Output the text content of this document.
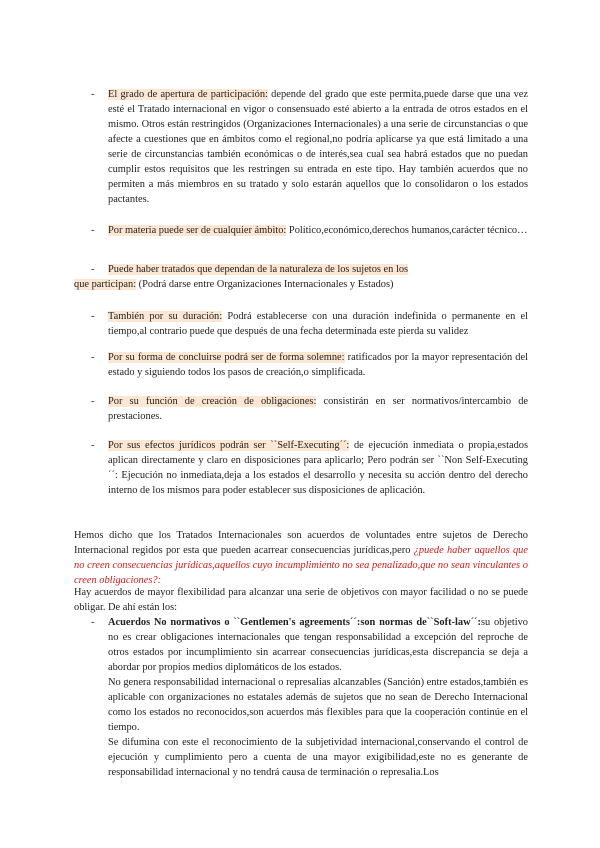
-	El grado de apertura de participación: depende del grado que este permita,puede darse que una vez esté el Tratado internacional en vigor o consensuado esté abierto a la entrada de otros estados en el mismo. Otros están restringidos (Organizaciones Internacionales) a una serie de circunstancias o que afecte a cuestiones que en ámbitos como el regional,no podría aplicarse ya que está limitado a una serie de circunstancias también económicas o de interés,sea cual sea habrá estados que no puedan cumplir estos requisitos que les restringen su entrada en este tipo. Hay también acuerdos que no permiten a más miembros en su tratado y solo estarán aquellos que lo consolidaron o los estados pactantes.
-	Por materia puede ser de cualquier ámbito: Político,económico,derechos humanos,carácter técnico…
-	Puede haber tratados que dependan de la naturaleza de los sujetos en los
que participan: (Podrá darse entre Organizaciones Internacionales y Estados)
-	También por su duración: Podrá establecerse con una duración indefinida o permanente en el tiempo,al contrario puede que después de una fecha determinada este pierda su validez
-	Por su forma de concluirse podrá ser de forma solemne: ratificados por la mayor representación del estado y siguiendo todos los pasos de creación,o simplificada.
-	Por su función de creación de obligaciones: consistirán en ser normativos/intercambio de prestaciones.
-	Por sus efectos jurídicos podrán ser ``Self-Executing´´: de ejecución inmediata o propia,estados aplican directamente y claro en disposiciones para aplicarlo; Pero podrán ser ``Non Self-Executing´´: Ejecución no inmediata,deja a los estados el desarrollo y necesita su acción dentro del derecho interno de los mismos para poder establecer sus disposiciones de aplicación.
Hemos dicho que los Tratados Internacionales son acuerdos de voluntades entre sujetos de Derecho Internacional regidos por esta que pueden acarrear consecuencias jurídicas,pero ¿puede haber aquellos que no creen consecuencias jurídicas,aquellos cuyo incumplimiento no sea penalizado,que no sean vinculantes o creen obligaciones?:
Hay acuerdos de mayor flexibilidad para alcanzar una serie de objetivos con mayor facilidad o no se puede obligar. De ahí están los:
-	Acuerdos No normativos o ``Gentlemen's agreements´´:son normas de``Soft-law´´:su objetivo no es crear obligaciones internacionales que tengan responsabilidad a excepción del reproche de otros estados por incumplimiento sin acarrear consecuencias jurídicas,esta discrepancia se deja a abordar por propios medios diplomáticos de los estados.
No genera responsabilidad internacional o represalias alcanzables (Sanción) entre estados,también es aplicable con organizaciones no estatales además de sujetos que no sean de Derecho Internacional como los estados no reconocidos,son acuerdos más flexibles para que la cooperación continúe en el tiempo.
Se difumina con este el reconocimiento de la subjetividad internacional,conservando el control de ejecución y cumplimiento pero a cuenta de una mayor exigibilidad,este no es generante de responsabilidad internacional y no tendrá causa de terminación o represalia.Los
